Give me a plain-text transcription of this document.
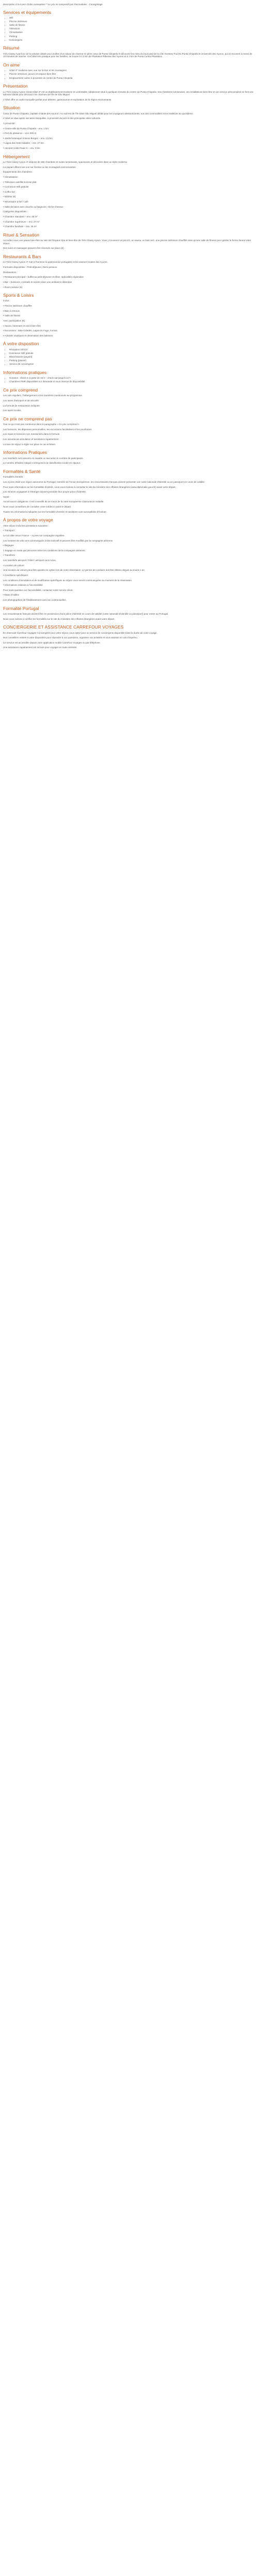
Description à la 6 pers Clubs conseptées * 'Le prix ne comprend pas Parcouilotes - Consignitage

Services et équipements
• Wifi
• Piscine intérieure
• Salle de fitness
• Télévision
• Climatisation
• Parking
• Conciergerie
Résumé

Très Classy Ayant au sol la solution idéale pour profiter d'un séjour de charme en plein cœur de Punta Chiqüela et découvrir les rives du bout pied de la côte Ovestes Pod Du Punta Chiqüela et Univercité des Ayuros, qui se trouvent à moins de 10 minutes de marche. Cet hôtel très pratique pour les familles, se trouve à 0,3 km de Plantation Ribeiras des Ayuros et à 1 km de Punta Cortes Plantation.

On aime
• Hôtel 4* moderne avec vue sur la mer et les montagnes
• Piscine intérieure, jacuzzi et espace bien-être
• Emplacement calme à proximité du centre de Punta Chiqüela
Présentation

Le Très Classy Ayson Great Hôtel 4* est un établissement moderne et confortable, idéalement situé à quelques minutes du centre de Punta Chiqüela. Ses chambres lumineuses, ses installations bien-être et son service personnalisé en font une adresse idéale pour découvrir les charmes de l'île de São Miguel.

L'hôtel offre un cadre tranquille parfait pour détente, gastronomie et exploration de la région environnante.

Situation

Cœur de Punta Chiqüela, capitale chiante des Ayuros ! Au sud-est de l'île Saint São Miguel idéale pour les voyageurs abstractionnés, vos des commodités et les traditions au quotidiens.

L'hôtel se situe après ses aires tranquilles, à proximité du port et des principales sites culturels.

À proximité :

• Centre-ville de Punta Chiqüela – env. 1 km

• Port de plaisance – env. 800 m

• Jardin botanique Antonio Borges – env. 1,5 km

• Lagoa das Sete Cidades – env. 27 km

• Aéroport João Paulo II – env. 3 km

Hébergement

Le Très Classy Ayson 4* dispose de 156 chambres et suites lumineuses, spacieuses et décorées dans un style moderne.

La plupart offrent une vue sur l'océan ou les montagnes environnantes.

Équipements des chambres :

• Climatisation

• Télévision satellite à écran plat

• Connexion Wifi gratuite

• Coffre-fort

• Minibar (€)

• Nécessaire à thé / café

• Salle de bains avec douche ou baignoire, sèche-cheveux

Catégories disponibles :

• Chambre Standard – env. 25 m²

• Chambre Supérieure – env. 27 m²

• Chambre familiale – env. 35 m²

Rituel & Sensation

Accordez-vous une pause bien-être au sein de l'Espace Spa et bien-être de Très Classy Ayson. Vous y trouverez un jacuzzi, un sauna, un bain turc, une piscine intérieure chauffée ainsi qu'une salle de fitness pour garder la forme durant votre séjour.

Des soins et massages peuvent être réservés sur place (€).

Restaurants & Bars

Le Très Classy Ayson 4* met à l'honneur la gastronomie portugaise et les saveurs locales des Açores.

Formules disponibles : Petit-déjeuner, Demi-pension.

Restauration :

• Restaurant principal – buffet au petit-déjeuner et dîner, spécialités régionales

• Bar – boissons, cocktails et snacks dans une ambiance détendue

• Room service (€)

Sports & Loisirs

Inclus :

• Piscine intérieure chauffée

• Bain à remous

• Salle de fitness

Avec participation (€) :

• Sauna, hammam et soins bien-être

• Excursions : Sete Cidades, Lagoa do Fogo, Furnas

• Activités nautiques et observation des baleines

À votre disposition
• Réception 24h/24
• Connexion Wifi gratuite
• Blanchisserie (payant)
• Parking (payant)
• Service de conciergerie
Informations pratiques
• Horaires : check-in à partir de 15 h – check-out jusqu'à 12 h
• Chambres PMR disponibles sur demande et sous réserve de disponibilité
Ce prix comprend

Les vols réguliers, l'hébergement et les transferts mentionnés au programme.

Les taxes d'aéroport et de sécurité.

La formule de restauration indiquée.

Les taxes locales.

Ce prix ne comprend pas

Tout ce qui n'est pas mentionné dans le paragraphe « Ce prix comprend ».

Les boissons, les dépenses personnelles, les excursions facultatives et les pourboires.

Les repas et boissons non mentionnés dans la formule.

Les assurances annulation et assistance rapatriement.

La taxe de séjour à régler sur place le cas échéant.

Informations Pratiques

Les transferts sont assurés en navette ou taxi selon le nombre de participants.

Le nombre d'étoiles indiqué correspond à la classification locale en vigueur.

Formalités & Santé

Formalités d'entrée :

Les Açores étant une région autonome du Portugal, membre de l'Union Européenne, les ressortissants français doivent présenter une carte nationale d'identité ou un passeport en cours de validité.

Pour toute information sur les formalités d'entrée, nous vous invitons à consulter le site du ministère des Affaires étrangères (www.diplomatie.gouv.fr) avant votre départ.

Les mineurs voyageant à l'étranger doivent posséder leur propre pièce d'identité.

Santé :

Aucun vaccin obligatoire. Il est conseillé de se munir de la carte européenne d'assurance maladie.

Nous vous conseillons de consulter votre médecin avant le départ.

Toutes les informations indiquées sur les formalités d'entrée et sanitaires sont susceptibles d'évoluer.

À propos de votre voyage

Votre séjour inclut les prestations suivantes :

• Transport

Le vol aller-retour France – Açores sur compagnie régulière.

Les horaires de vols sont communiqués à titre indicatif et peuvent être modifiés par la compagnie aérienne.

• Bagages

1 bagage en soute par personne selon les conditions de la compagnie aérienne.

• Transferts

Les transferts aéroport / hôtel / aéroport sont inclus.

• Location de voiture

Une location de voiture peut être ajoutée en option lors de votre réservation. Le permis de conduire doit être détenu depuis au moins 1 an.

• Conditions spécifiques

Les conditions d'annulation et de modification spécifiques au séjour vous seront communiquées au moment de la réservation.

• Informations relatives à l'accessibilité

Pour toute question sur l'accessibilité, contactez notre service client.

• États et tailles

Les photographies de l'établissement sont non contractuelles.

Formalité Portugal

Les ressortissants français doivent être en possession d'une pièce d'identité en cours de validité (carte nationale d'identité ou passeport) pour entrer au Portugal.

Nous vous invitons à vérifier les formalités sur le site du ministère des Affaires étrangères avant votre départ.

CONCIERGERIE ET ASSISTANCE CARREFOUR VOYAGES

En réservant Carrefour Voyages Conciergerie pour votre séjour, vous optez pour un service de conciergerie disponible toute la durée de votre voyage.

Nos conseillers restent à votre disposition pour répondre à vos questions, organiser vos activités et vous assister en cas d'imprévu.

Ce service est accessible depuis votre application mobile Carrefour Voyages ou par téléphone.

Une assistance rapatriement est incluse pour voyager en toute sérénité.
